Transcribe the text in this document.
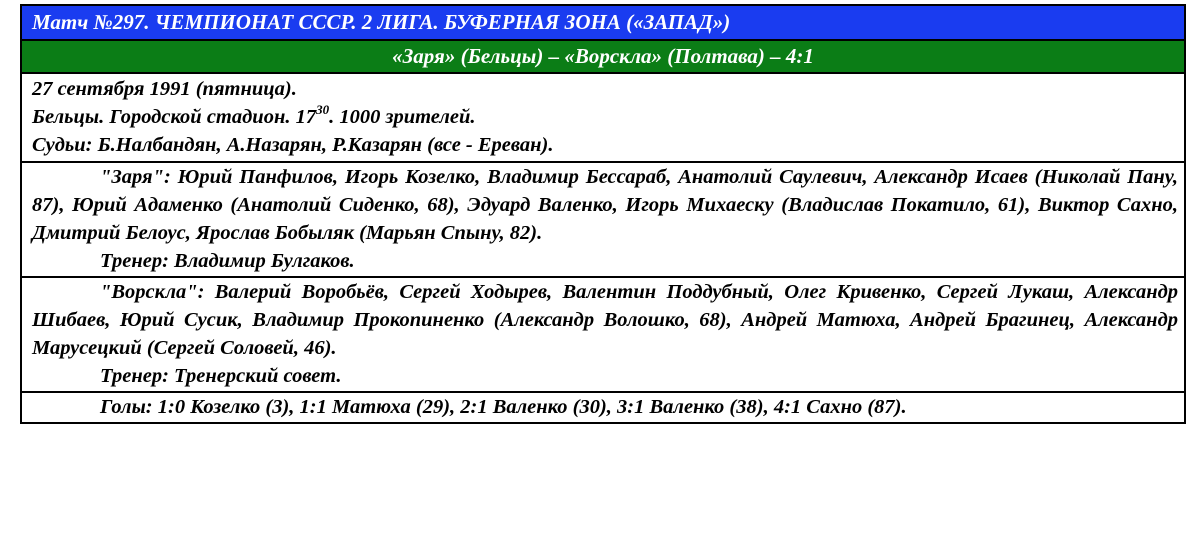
Матч №297. ЧЕМПИОНАТ СССР. 2 ЛИГА. БУФЕРНАЯ ЗОНА («ЗАПАД»)
«Заря» (Бельцы) – «Ворскла» (Полтава) – 4:1
27 сентября 1991 (пятница).
Бельцы. Городской стадион. $17^{30}$. 1000 зрителей.
Судьи: Б.Налбандян, А.Назарян, Р.Казарян (все - Ереван).
"Заря": Юрий Панфилов, Игорь Козелко, Владимир Бессараб, Анатолий Саулевич, Александр Исаев (Николай Пану, 87), Юрий Адаменко (Анатолий Сиденко, 68), Эдуард Валенко, Игорь Михаеску (Владислав Покатило, 61), Виктор Сахно, Дмитрий Белоус, Ярослав Бобыляк (Марьян Спыну, 82).
Тренер: Владимир Булгаков.
"Ворскла": Валерий Воробьёв, Сергей Ходырев, Валентин Поддубный, Олег Кривенко, Сергей Лукаш, Александр Шибаев, Юрий Сусик, Владимир Прокопиненко (Александр Волошко, 68), Андрей Матюха, Андрей Брагинец, Александр Марусецкий (Сергей Соловей, 46).
Тренер: Тренерский совет.
Голы: 1:0 Козелко (3), 1:1 Матюха (29), 2:1 Валенко (30), 3:1 Валенко (38), 4:1 Сахно (87).
